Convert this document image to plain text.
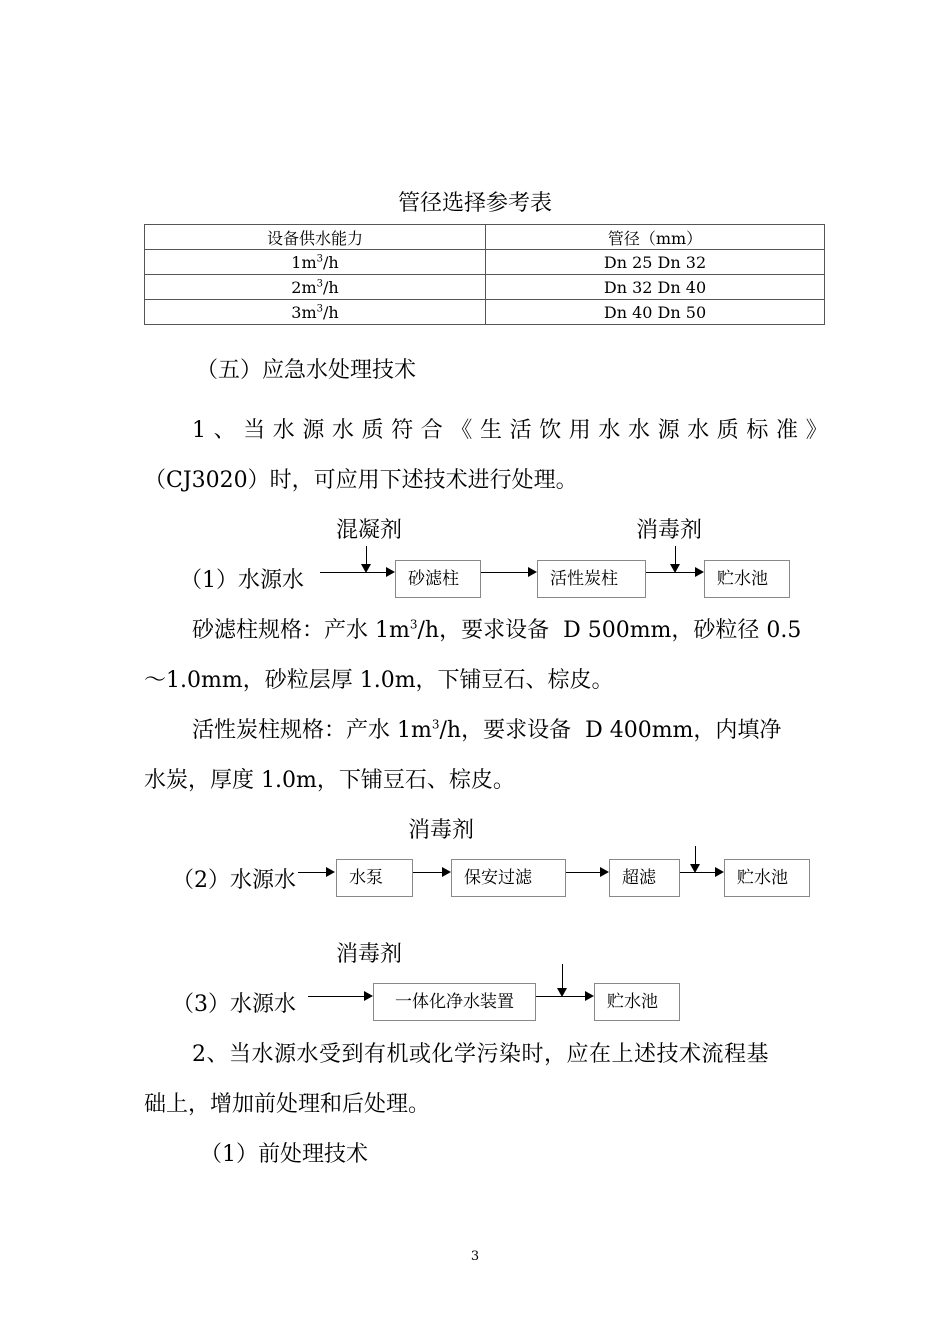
管径选择参考表
设备供水能力	管径（mm）
$1m^3/h$	Dn 25 Dn 32
$2m^3/h$	Dn 32 Dn 40
$3m^3/h$	Dn 40 Dn 50
（五）应急水处理技术
1、当水源水质符合《生活饮用水水源水质标准》
（CJ3020）时，可应用下述技术进行处理。
混凝剂	消毒剂
（1）水源水	砂滤柱	活性炭柱	贮水池
砂滤柱规格：产水 $1m^3/h$，要求设备  D 500mm，砂粒径 0.5
～1.0mm，砂粒层厚 1.0m，下铺豆石、棕皮。
活性炭柱规格：产水 $1m^3/h$，要求设备  D 400mm，内填净
水炭，厚度 1.0m，下铺豆石、棕皮。
消毒剂
（2）水源水	水泵	保安过滤	超滤	贮水池
消毒剂
（3）水源水	一体化净水装置	贮水池
2、当水源水受到有机或化学污染时，应在上述技术流程基
础上，增加前处理和后处理。
（1）前处理技术
3
